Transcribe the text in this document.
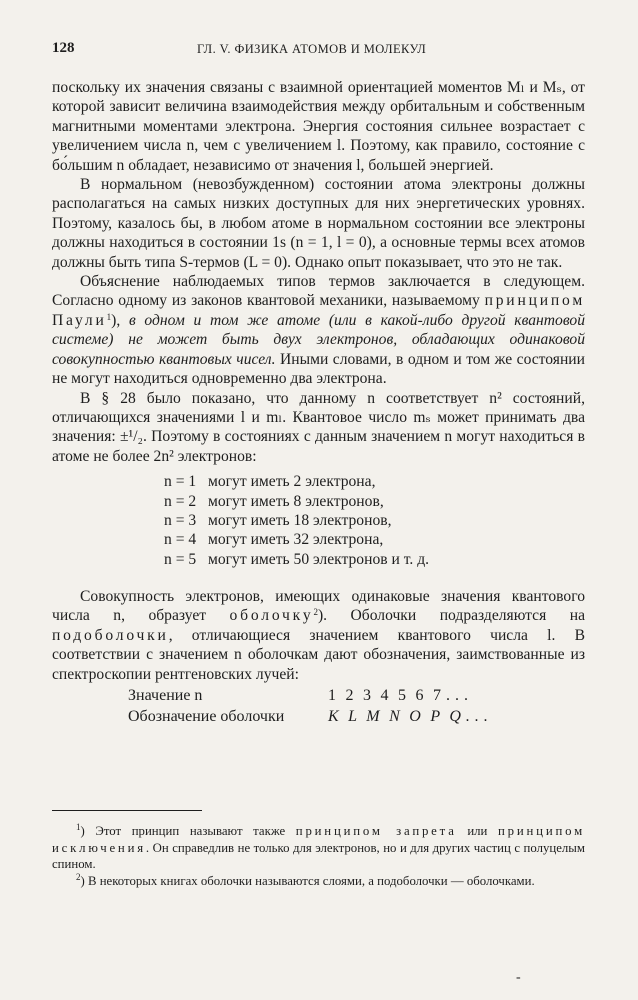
128	ГЛ. V. ФИЗИКА АТОМОВ И МОЛЕКУЛ

поскольку их значения связаны с взаимной ориентацией моментов Mₗ и Mₛ, от которой зависит величина взаимодействия между орбитальным и собственным магнитными моментами электрона. Энергия состояния сильнее возрастает с увеличением числа n, чем с увеличением l. Поэтому, как правило, состояние с бо́льшим n обладает, независимо от значения l, большей энергией.

В нормальном (невозбужденном) состоянии атома электроны должны располагаться на самых низких доступных для них энергетических уровнях. Поэтому, казалось бы, в любом атоме в нормальном состоянии все электроны должны находиться в состоянии 1s (n = 1, l = 0), а основные термы всех атомов должны быть типа S-термов (L = 0). Однако опыт показывает, что это не так.

Объяснение наблюдаемых типов термов заключается в следующем. Согласно одному из законов квантовой механики, называемому принципом Паули$^1$), в одном и том же атоме (или в какой-либо другой квантовой системе) не может быть двух электронов, обладающих одинаковой совокупностью квантовых чисел. Иными словами, в одном и том же состоянии не могут находиться одновременно два электрона.

В § 28 было показано, что данному n соответствует n² состояний, отличающихся значениями l и mₗ. Квантовое число mₛ может принимать два значения: ±¹/₂. Поэтому в состояниях с данным значением n могут находиться в атоме не более 2n² электронов:

n = 1 могут иметь 2 электрона,
n = 2 могут иметь 8 электронов,
n = 3 могут иметь 18 электронов,
n = 4 могут иметь 32 электрона,
n = 5 могут иметь 50 электронов и т. д.

Совокупность электронов, имеющих одинаковые значения квантового числа n, образует оболочку$^2$). Оболочки подразделяются на подоболочки, отличающиеся значением квантового числа l. В соответствии с значением n оболочкам дают обозначения, заимствованные из спектроскопии рентгеновских лучей:

Значение n	1  2  3  4  5  6  7 . . .
Обозначение оболочки	K  L  M  N  O  P  Q . . .

$^1$) Этот принцип называют также принципом запрета или принципом исключения. Он справедлив не только для электронов, но и для других частиц с полуцелым спином.

$^2$) В некоторых книгах оболочки называются слоями, а подоболочки — оболочками.

-
